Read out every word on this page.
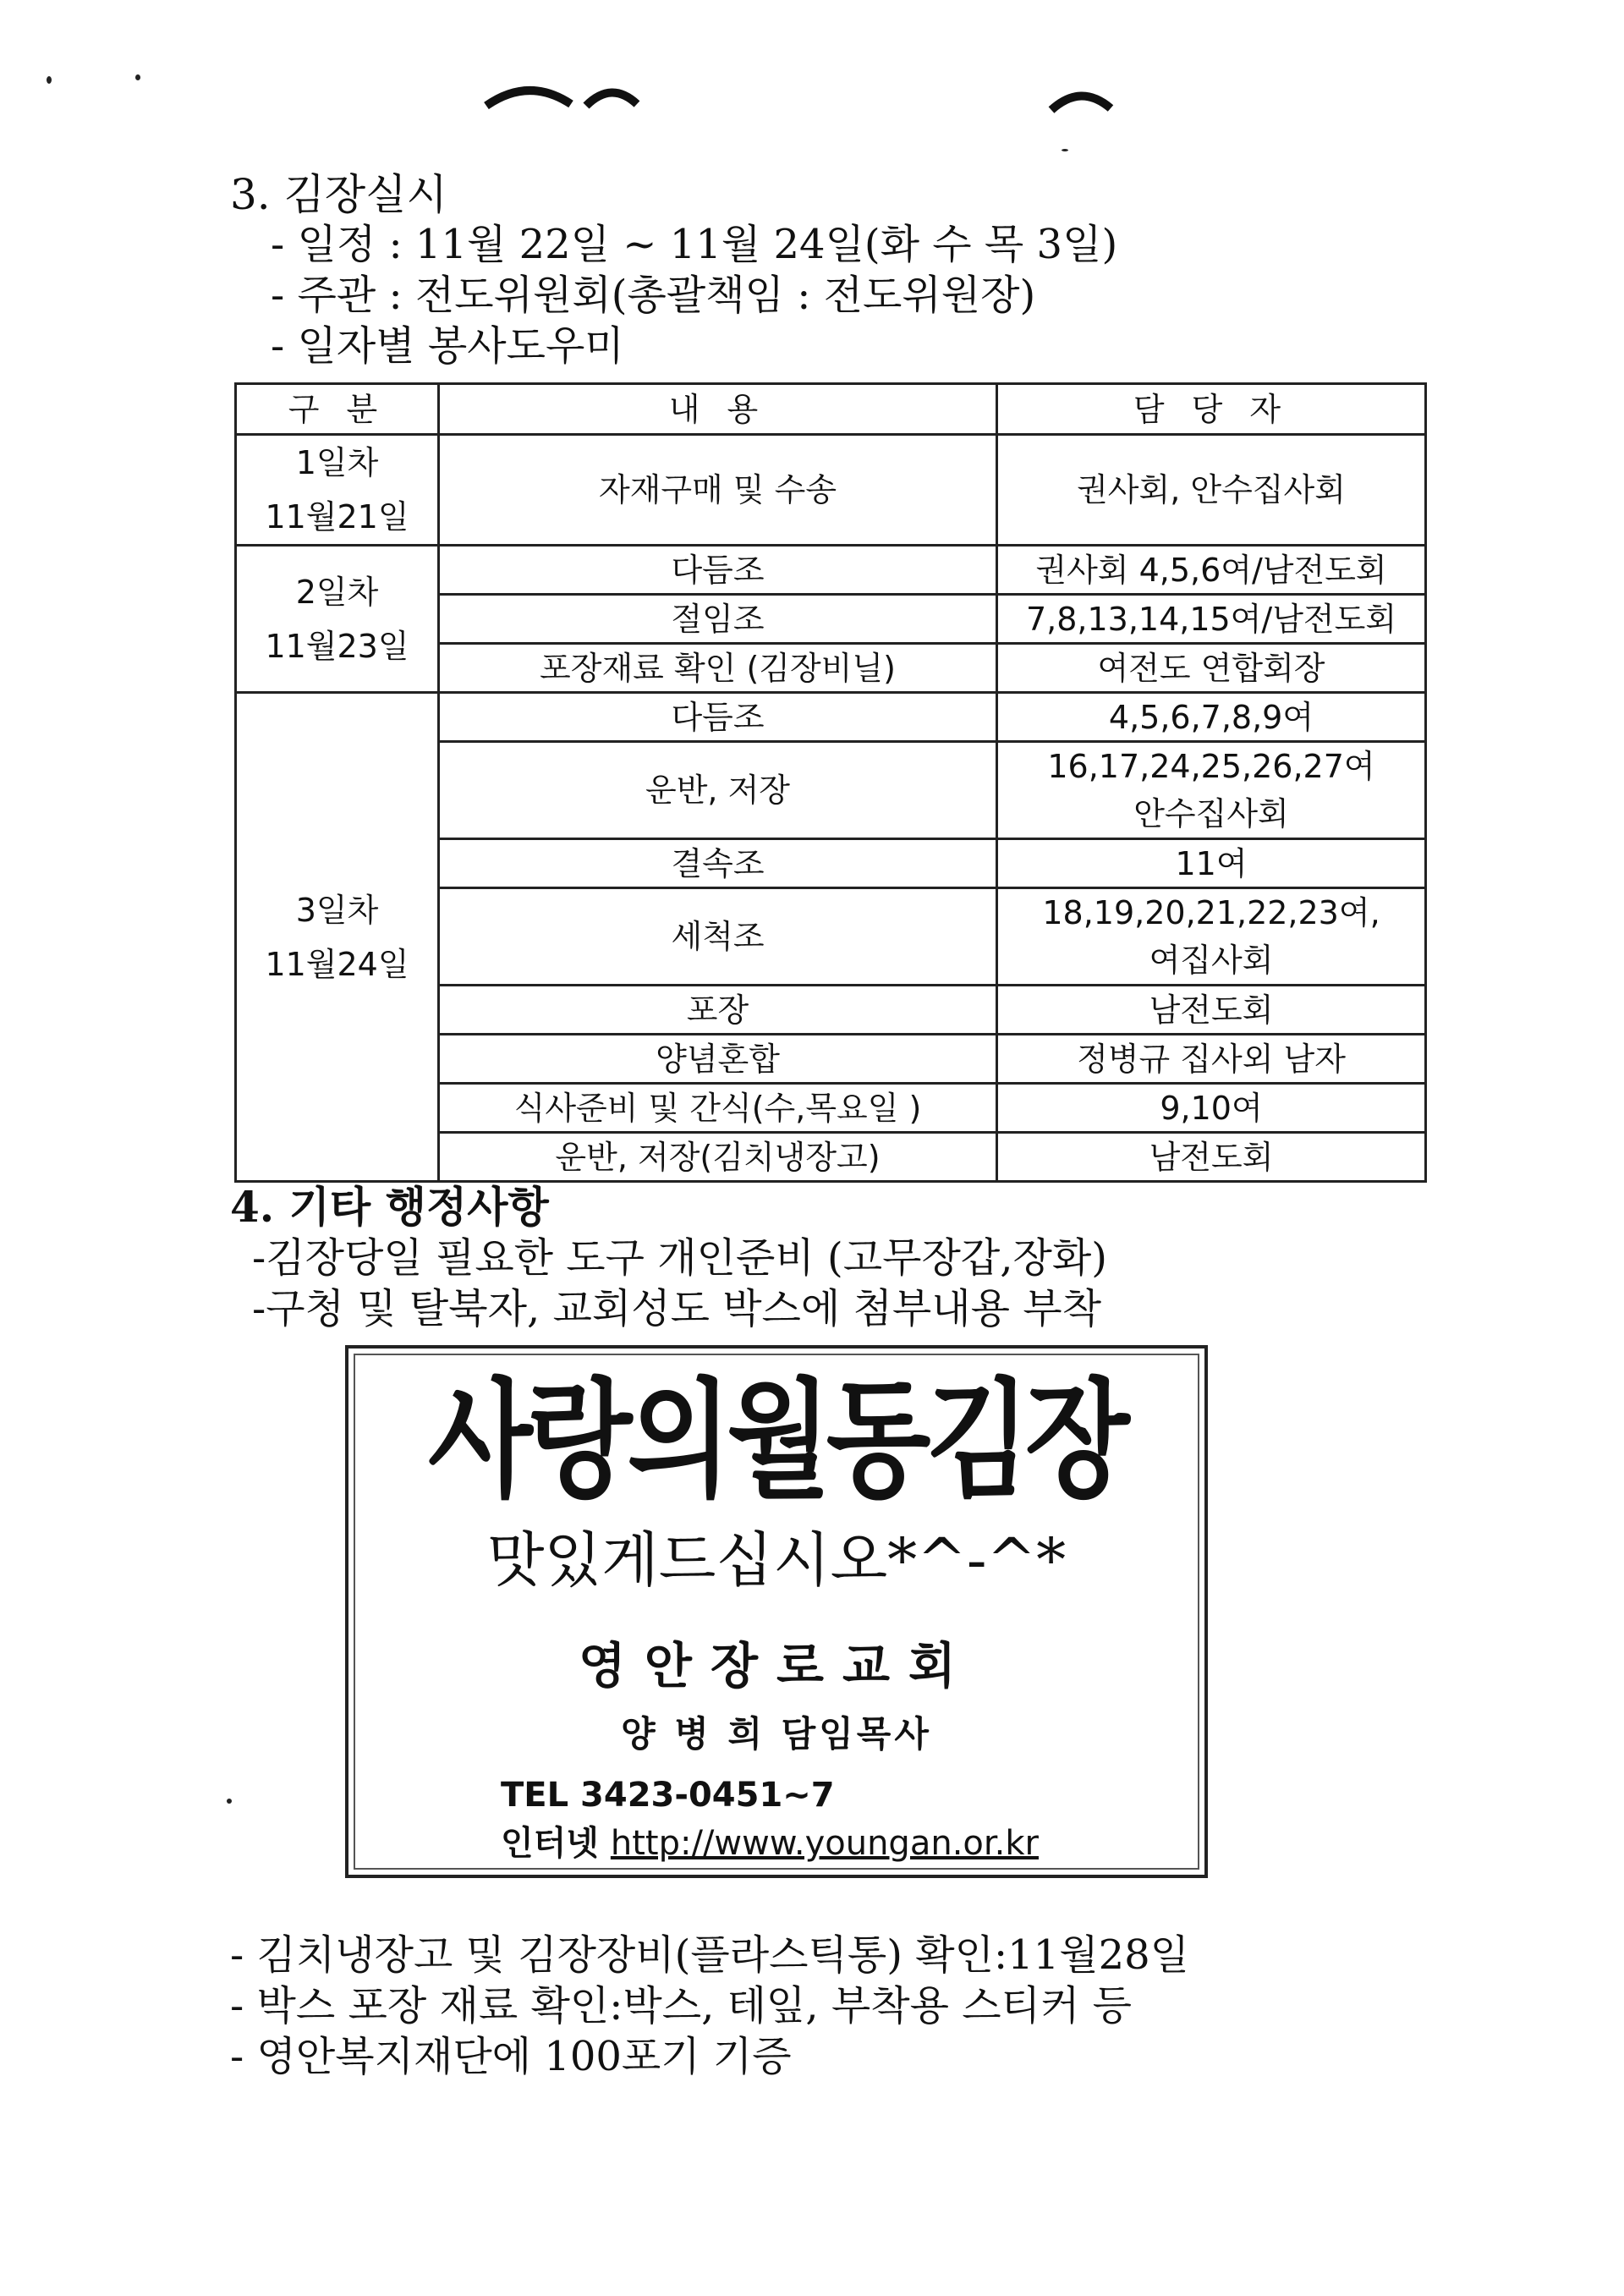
3. 김장실시
- 일정 : 11월 22일 ~ 11월 24일(화 수 목 3일)
- 주관 : 전도위원회(총괄책임 : 전도위원장)
- 일자별 봉사도우미
구 분	내 용	담 당 자

1일차
11월21일	자재구매 및 수송	권사회, 안수집사회

2일차
11월23일	다듬조	권사회 4,5,6여/남전도회
	절임조	7,8,13,14,15여/남전도회
	포장재료 확인 (김장비닐)	여전도 연합회장

3일차
11월24일	다듬조	4,5,6,7,8,9여
	운반, 저장	16,17,24,25,26,27여
안수집사회

	결속조	11여
	세척조	18,19,20,21,22,23여,
여집사회

	포장	남전도회
	양념혼합	정병규 집사외 남자
	식사준비 및 간식(수,목요일 )	9,10여
	운반, 저장(김치냉장고)	남전도회
4. 기타 행정사항
-김장당일 필요한 도구 개인준비 (고무장갑,장화)
-구청 및 탈북자, 교회성도 박스에 첨부내용 부착
사랑의월동김장
맛있게드십시오*^-^*
영안장로교회
양 병 희 담임목사
TEL 3423-0451~7
인터넷 http://www.youngan.or.kr
- 김치냉장고 및 김장장비(플라스틱통) 확인:11월28일
- 박스 포장 재료 확인:박스, 테잎, 부착용 스티커 등
- 영안복지재단에 100포기 기증
